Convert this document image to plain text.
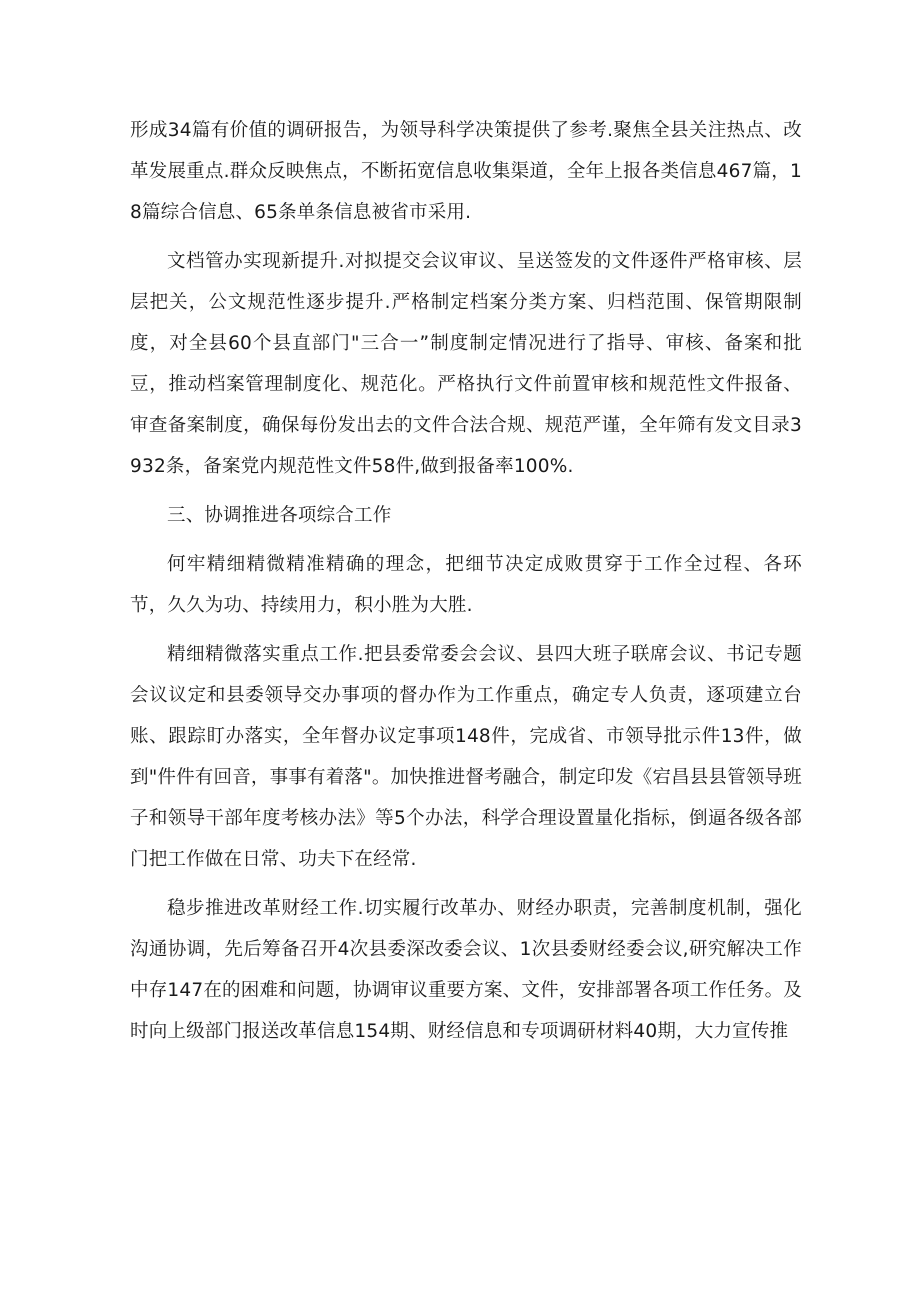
形成34篇有价值的调研报告，为领导科学决策提供了参考.聚焦全县关注热点、改革发展重点.群众反映焦点，不断拓宽信息收集渠道，全年上报各类信息467篇，18篇综合信息、65条单条信息被省市采用.

文档管办实现新提升.对拟提交会议审议、呈送签发的文件逐件严格审核、层层把关，公文规范性逐步提升.严格制定档案分类方案、归档范围、保管期限制度，对全县60个县直部门"三合一”制度制定情况进行了指导、审核、备案和批豆，推动档案管理制度化、规范化。严格执行文件前置审核和规范性文件报备、审查备案制度，确保每份发出去的文件合法合规、规范严谨，全年筛有发文目录3932条，备案党内规范性文件58件,做到报备率100%.

三、协调推进各项综合工作

何牢精细精微精准精确的理念，把细节决定成败贯穿于工作全过程、各环节，久久为功、持续用力，积小胜为大胜.

精细精微落实重点工作.把县委常委会会议、县四大班子联席会议、书记专题会议议定和县委领导交办事项的督办作为工作重点，确定专人负责，逐项建立台账、跟踪盯办落实，全年督办议定事项148件，完成省、市领导批示件13件，做到"件件有回音，事事有着落"。加快推进督考融合，制定印发《宕昌县县管领导班子和领导干部年度考核办法》等5个办法，科学合理设置量化指标，倒逼各级各部门把工作做在日常、功夫下在经常.

稳步推进改革财经工作.切实履行改革办、财经办职责，完善制度机制，强化沟通协调，先后筹备召开4次县委深改委会议、1次县委财经委会议,研究解决工作中存147在的困难和问题，协调审议重要方案、文件，安排部署各项工作任务。及时向上级部门报送改革信息154期、财经信息和专项调研材料40期，大力宣传推
